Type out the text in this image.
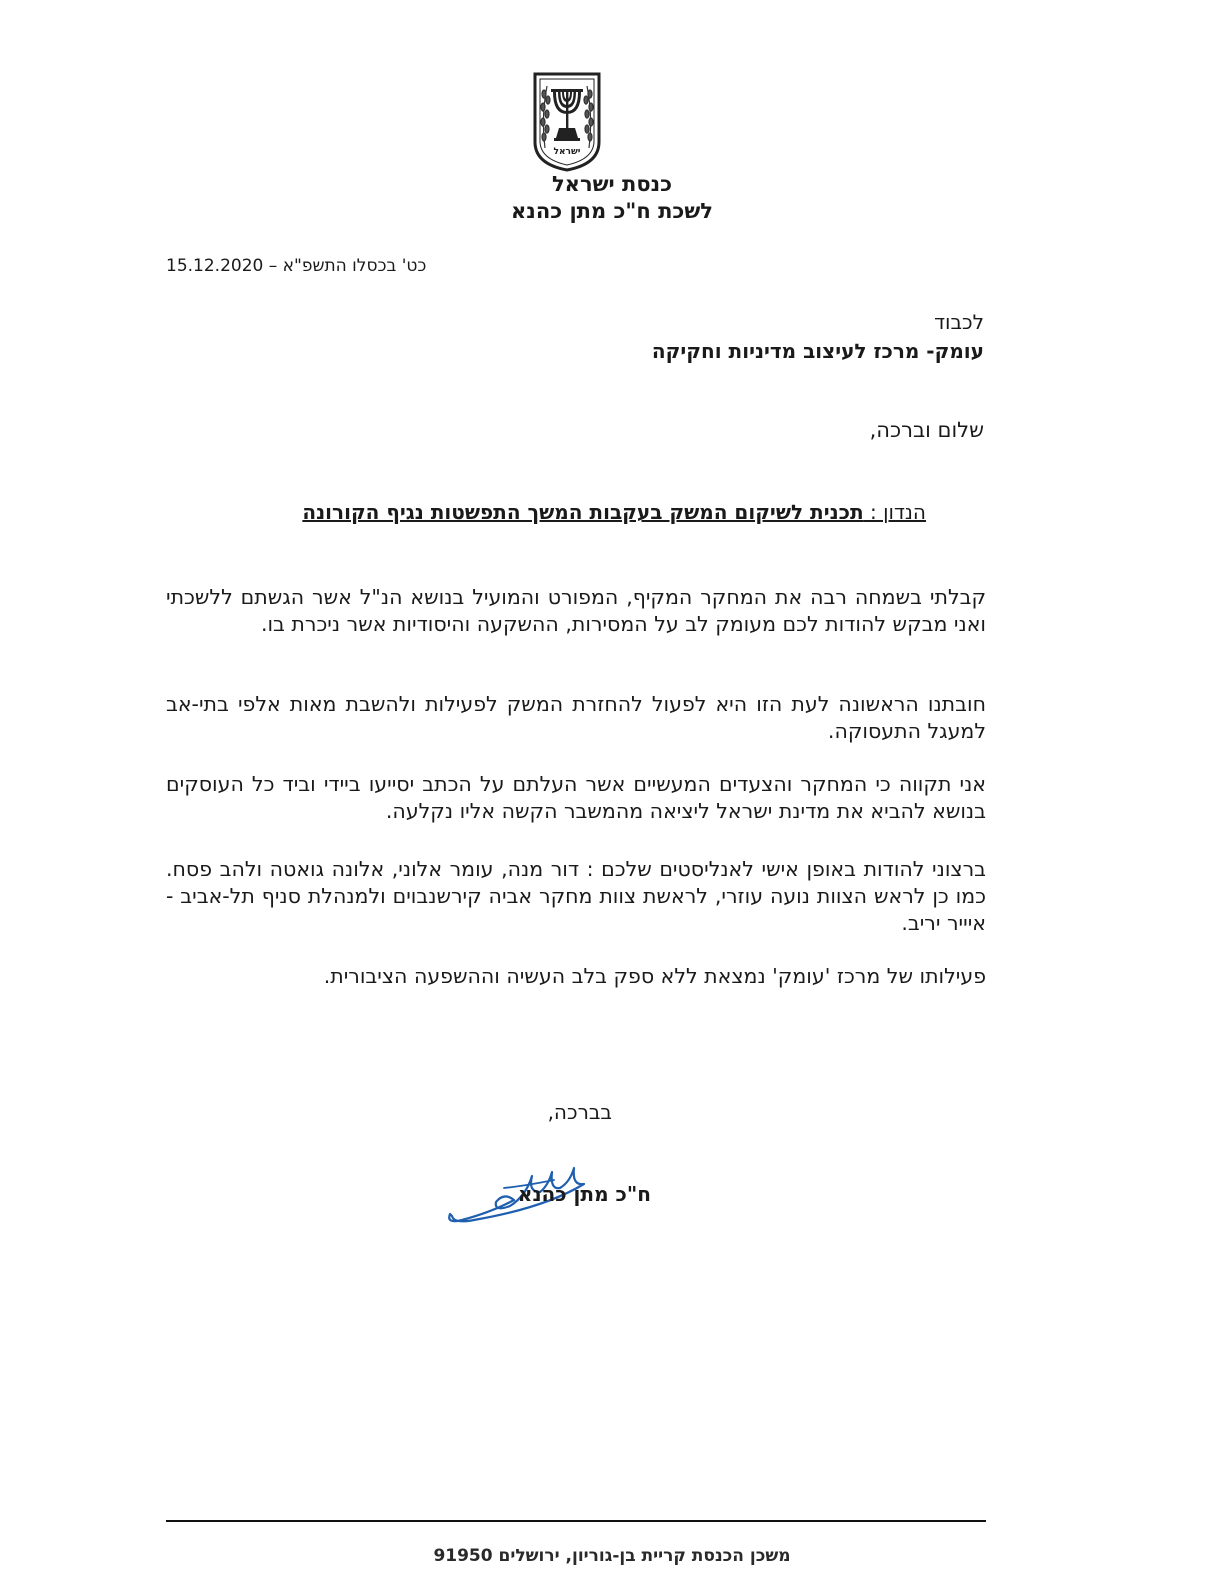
ישראל
כנסת ישראל
לשכת ח"כ מתן כהנא
כט' בכסלו התשפ"א – 15.12.2020
לכבוד
עומק- מרכז לעיצוב מדיניות וחקיקה
שלום וברכה,
הנדון : תכנית לשיקום המשק בעקבות המשך התפשטות נגיף הקורונה

קבלתי בשמחה רבה את המחקר המקיף, המפורט והמועיל בנושא הנ"ל אשר הגשתם ללשכתי ואני מבקש להודות לכם מעומק לב על המסירות, ההשקעה והיסודיות אשר ניכרת בו.

חובתנו הראשונה לעת הזו היא לפעול להחזרת המשק לפעילות ולהשבת מאות אלפי בתי-אב למעגל התעסוקה.

אני תקווה כי המחקר והצעדים המעשיים אשר העלתם על הכתב יסייעו ביידי וביד כל העוסקים בנושא להביא את מדינת ישראל ליציאה מהמשבר הקשה אליו נקלעה.

ברצוני להודות באופן אישי לאנליסטים שלכם : דור מנה, עומר אלוני, אלונה גואטה ולהב פסח. כמו כן לראש הצוות נועה עוזרי, לראשת צוות מחקר אביה קירשנבוים ולמנהלת סניף תל-אביב - איייר יריב.

פעילותו של מרכז 'עומק' נמצאת ללא ספק בלב העשיה וההשפעה הציבורית.

בברכה,
ח"כ מתן כהנא
משכן הכנסת קריית בן-גוריון, ירושלים 91950
